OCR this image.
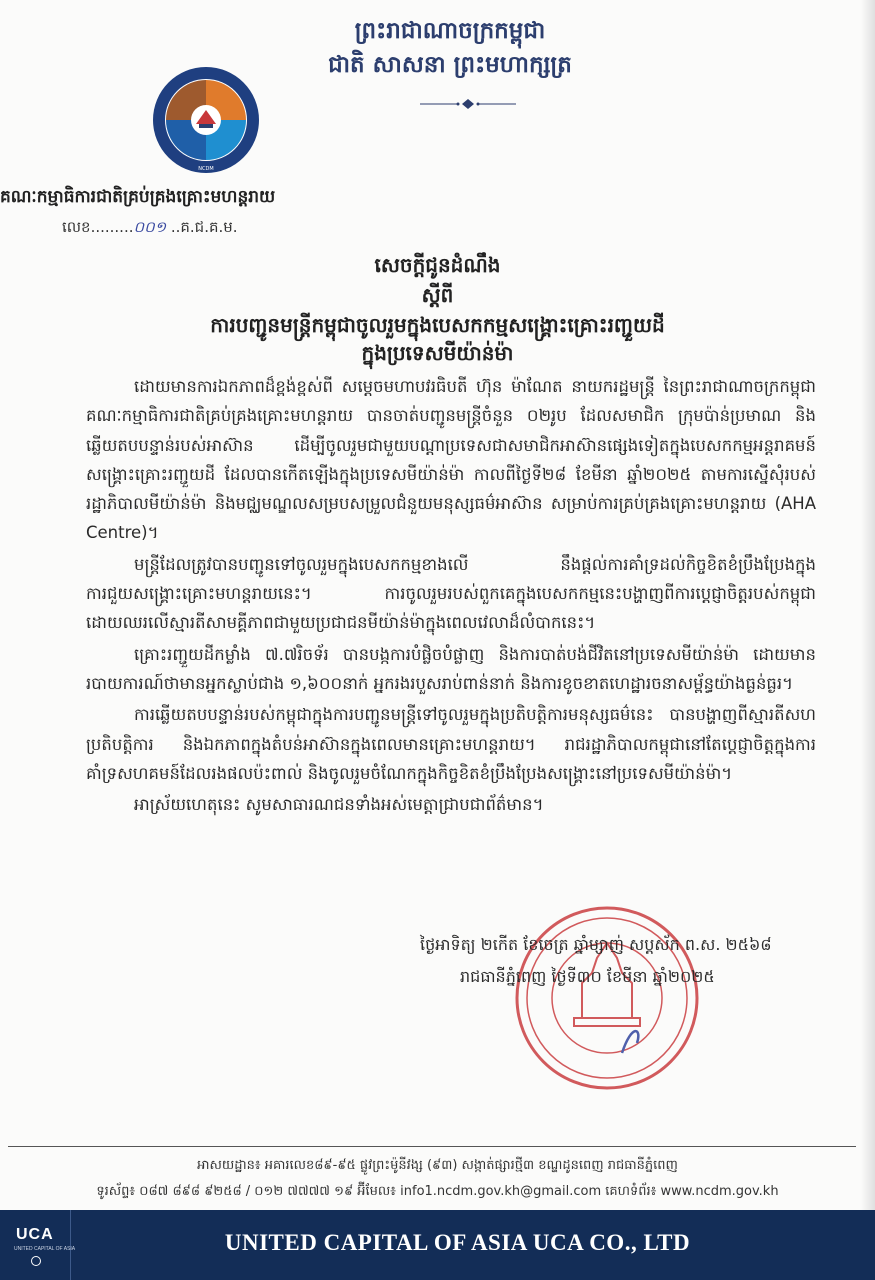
ព្រះរាជាណាចក្រកម្ពុជា
ជាតិ សាសនា ព្រះមហាក្សត្រ
NCDM
គណៈកម្មាធិការជាតិគ្រប់គ្រងគ្រោះមហន្តរាយ
លេខ.........០០១ ..គ.ជ.គ.ម.
សេចក្តីជូនដំណឹង
ស្តីពី
ការបញ្ជូនមន្ត្រីកម្ពុជាចូលរួមក្នុងបេសកកម្មសង្គ្រោះគ្រោះរញ្ជួយដី
ក្នុងប្រទេសមីយ៉ាន់ម៉ា

ដោយមានការឯកភាពដ៏ខ្ពង់ខ្ពស់ពី សម្តេចមហាបវរធិបតី ហ៊ុន ម៉ាណែត នាយករដ្ឋមន្ត្រី នៃព្រះរាជាណាចក្រកម្ពុជា គណៈកម្មាធិការជាតិគ្រប់គ្រងគ្រោះមហន្តរាយ បានចាត់បញ្ជូនមន្ត្រីចំនួន ០២រូប ដែលសមាជិក ក្រុមប៉ាន់ប្រមាណ និងឆ្លើយតបបន្ទាន់របស់អាស៊ាន ដើម្បីចូលរួមជាមួយបណ្តាប្រទេសជាសមាជិកអាស៊ានផ្សេងទៀតក្នុងបេសកកម្មអន្តរាគមន៍សង្គ្រោះគ្រោះរញ្ជួយដី ដែលបានកើតឡើងក្នុងប្រទេសមីយ៉ាន់ម៉ា កាលពីថ្ងៃទី២៨ ខែមីនា ឆ្នាំ២០២៥ តាមការស្នើសុំរបស់រដ្ឋាភិបាលមីយ៉ាន់ម៉ា និងមជ្ឈមណ្ឌលសម្របសម្រួលជំនួយមនុស្សធម៌អាស៊ាន សម្រាប់ការគ្រប់គ្រងគ្រោះមហន្តរាយ (AHA Centre)។

មន្ត្រីដែលត្រូវបានបញ្ជូនទៅចូលរួមក្នុងបេសកកម្មខាងលើ នឹងផ្តល់ការគាំទ្រដល់កិច្ចខិតខំប្រឹងប្រែងក្នុងការជួយសង្គ្រោះគ្រោះមហន្តរាយនេះ។ ការចូលរួមរបស់ពួកគេក្នុងបេសកកម្មនេះបង្ហាញពីការប្តេជ្ញាចិត្តរបស់កម្ពុជាដោយឈរលើស្មារតីសាមគ្គីភាពជាមួយប្រជាជនមីយ៉ាន់ម៉ាក្នុងពេលវេលាដ៏លំបាកនេះ។

គ្រោះរញ្ជួយដីកម្លាំង ៧.៧រិចទ័រ បានបង្កការបំផ្លិចបំផ្លាញ និងការបាត់បង់ជីវិតនៅប្រទេសមីយ៉ាន់ម៉ា ដោយមានរបាយការណ៍ថាមានអ្នកស្លាប់ជាង ១,៦០០នាក់ អ្នករងរបួសរាប់ពាន់នាក់ និងការខូចខាតហេដ្ឋារចនាសម្ព័ន្ធយ៉ាងធ្ងន់ធ្ងរ។

ការឆ្លើយតបបន្ទាន់របស់កម្ពុជាក្នុងការបញ្ជូនមន្ត្រីទៅចូលរួមក្នុងប្រតិបត្តិការមនុស្សធម៌នេះ បានបង្ហាញពីស្មារតីសហប្រតិបត្តិការ និងឯកភាពក្នុងតំបន់អាស៊ានក្នុងពេលមានគ្រោះមហន្តរាយ។ រាជរដ្ឋាភិបាលកម្ពុជានៅតែប្តេជ្ញាចិត្តក្នុងការគាំទ្រសហគមន៍ដែលរងផលប៉ះពាល់ និងចូលរួមចំណែកក្នុងកិច្ចខិតខំប្រឹងប្រែងសង្គ្រោះនៅប្រទេសមីយ៉ាន់ម៉ា។

អាស្រ័យហេតុនេះ សូមសាធារណជនទាំងអស់មេត្តាជ្រាបជាព័ត៌មាន។

ថ្ងៃអាទិត្យ ២កើត ខែចេត្រ ឆ្នាំម្សាញ់ សប្តស័ក ព.ស. ២៥៦៨
រាជធានីភ្នំពេញ ថ្ងៃទី៣០ ខែមីនា ឆ្នាំ២០២៥
អាសយដ្ឋាន៖ អគារលេខ៨៩-៩៥ ផ្លូវព្រះម៉ូនីវង្ស (៩៣) សង្កាត់ផ្សារថ្មី៣ ខណ្ឌដូនពេញ រាជធានីភ្នំពេញ
ទូរស័ព្ទ៖ ០៨៧ ៨៩៨ ៩២៥៨ / ០១២ ៧៧៧៧ ១៩ អ៊ីមែល៖ info1.ncdm.gov.kh@gmail.com គេហទំព័រ៖ www.ncdm.gov.kh
UCA
UNITED CAPITAL OF ASIA	UNITED CAPITAL OF ASIA UCA CO., LTD
